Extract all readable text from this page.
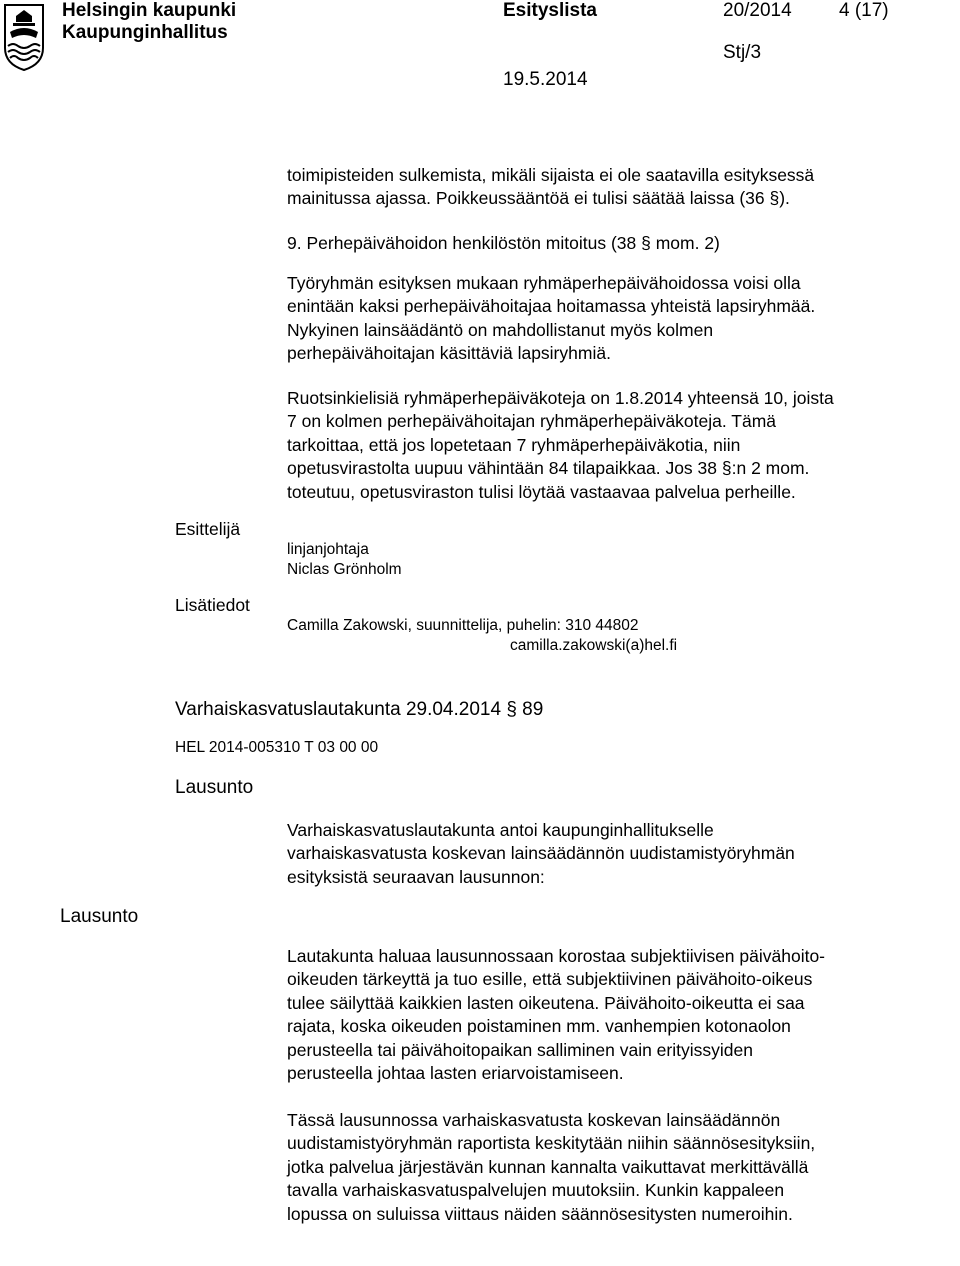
Helsingin kaupunki
Kaupunginhallitus
Esityslista	20/2014 4 (17)
Stj/3
19.5.2014
toimipisteiden sulkemista, mikäli sijaista ei ole saatavilla esityksessä
mainitussa ajassa. Poikkeussääntöä ei tulisi säätää laissa (36 §).
9. Perhepäivähoidon henkilöstön mitoitus (38 § mom. 2)
Työryhmän esityksen mukaan ryhmäperhepäivähoidossa voisi olla
enintään kaksi perhepäivähoitajaa hoitamassa yhteistä lapsiryhmää.
Nykyinen lainsäädäntö on mahdollistanut myös kolmen
perhepäivähoitajan käsittäviä lapsiryhmiä.
Ruotsinkielisiä ryhmäperhepäiväkoteja on 1.8.2014 yhteensä 10, joista
7 on kolmen perhepäivähoitajan ryhmäperhepäiväkoteja. Tämä
tarkoittaa, että jos lopetetaan 7 ryhmäperhepäiväkotia, niin
opetusvirastolta uupuu vähintään 84 tilapaikkaa. Jos 38 §:n 2 mom.
toteutuu, opetusviraston tulisi löytää vastaavaa palvelua perheille.
Esittelijä
linjanjohtaja
Niclas Grönholm
Lisätiedot
Camilla Zakowski, suunnittelija, puhelin: 310 44802
camilla.zakowski(a)hel.fi
Varhaiskasvatuslautakunta 29.04.2014 § 89
HEL 2014-005310 T 03 00 00
Lausunto
Lausunto
Varhaiskasvatuslautakunta antoi kaupunginhallitukselle
varhaiskasvatusta koskevan lainsäädännön uudistamistyöryhmän
esityksistä seuraavan lausunnon:
Lautakunta haluaa lausunnossaan korostaa subjektiivisen päivähoito-
oikeuden tärkeyttä ja tuo esille, että subjektiivinen päivähoito-oikeus
tulee säilyttää kaikkien lasten oikeutena. Päivähoito-oikeutta ei saa
rajata, koska oikeuden poistaminen mm. vanhempien kotonaolon
perusteella tai päivähoitopaikan salliminen vain erityissyiden
perusteella johtaa lasten eriarvoistamiseen.
Tässä lausunnossa varhaiskasvatusta koskevan lainsäädännön
uudistamistyöryhmän raportista keskitytään niihin säännösesityksiin,
jotka palvelua järjestävän kunnan kannalta vaikuttavat merkittävällä
tavalla varhaiskasvatuspalvelujen muutoksiin. Kunkin kappaleen
lopussa on suluissa viittaus näiden säännösesitysten numeroihin.
